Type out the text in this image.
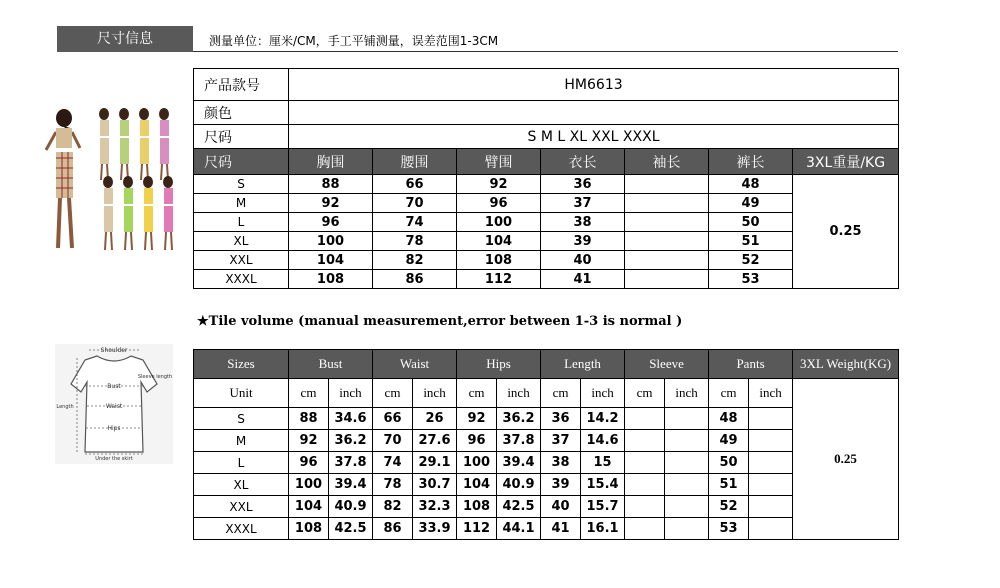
尺寸信息	测量单位：厘米/CM，手工平铺测量，误差范围1-3CM
产品款号	HM6613						
颜色							
尺码	S M L XL XXL XXXL						
尺码	胸围	腰围	臂围	衣长	袖长	裤长	3XL重量/KG
S	88	66	92	36		48	0.25
M	92	70	96	37		49	
L	96	74	100	38		50	
XL	100	78	104	39		51	
XXL	104	82	108	40		52	
XXXL	108	86	112	41		53	
★Tile volume (manual measurement,error between 1-3 is normal )
Shoulder
Sleeve length
Bust
Waist
Hips
Length
Under the skirt
Sizes	Bust		Waist		Hips		Length		Sleeve		Pants		3XL Weight(KG)
Unit	cm	inch	cm	inch	cm	inch	cm	inch	cm	inch	cm	inch	0.25
S	88	34.6	66	26	92	36.2	36	14.2			48		
M	92	36.2	70	27.6	96	37.8	37	14.6			49		
L	96	37.8	74	29.1	100	39.4	38	15			50		
XL	100	39.4	78	30.7	104	40.9	39	15.4			51		
XXL	104	40.9	82	32.3	108	42.5	40	15.7			52		
XXXL	108	42.5	86	33.9	112	44.1	41	16.1			53		
